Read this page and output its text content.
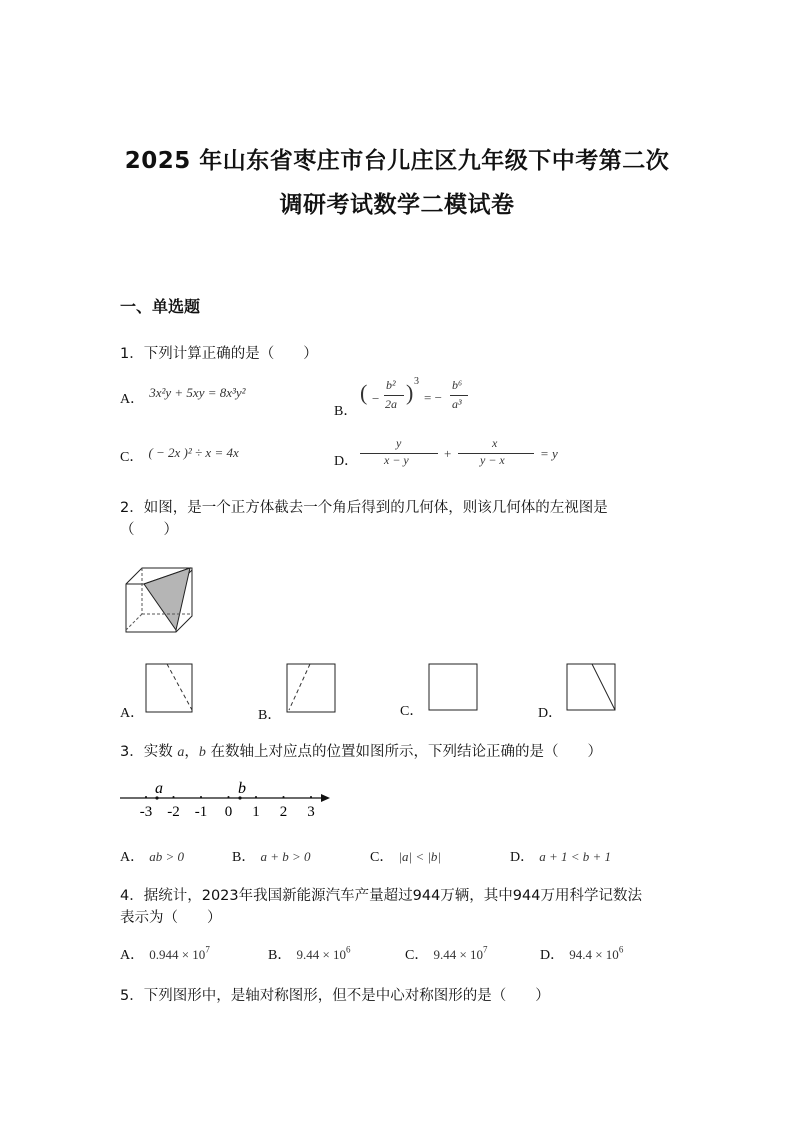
2025 年山东省枣庄市台儿庄区九年级下中考第二次
调研考试数学二模试卷
一、单选题
1．下列计算正确的是（　　）
A． $^{3x^2y + 5xy = 8x^3y^2}$
B．
( −
b²
2a ) 3
= −
b⁶
a³
C． $^{( - 2x )^2 \div x = 4x}$
D．
y
x − y	+
x
y − x	= y
2．如图，是一个正方体截去一个角后得到的几何体，则该几何体的左视图是
（　　）
A．	B．	C．	D．
3．实数 a，b 在数轴上对应点的位置如图所示，下列结论正确的是（　　）
-3 -2 -1 0 1 2 3
a	b
A． ab > 0	B． a + b > 0	C． |a| < |b|	D． a + 1 < b + 1
4．据统计，2023年我国新能源汽车产量超过944万辆，其中944万用科学记数法
表示为（　　）
A． $0.944 \times 10^7$	B． $9.44 \times 10^6$	C． $9.44 \times 10^7$	D． $94.4 \times 10^6$
5．下列图形中，是轴对称图形，但不是中心对称图形的是（　　）
